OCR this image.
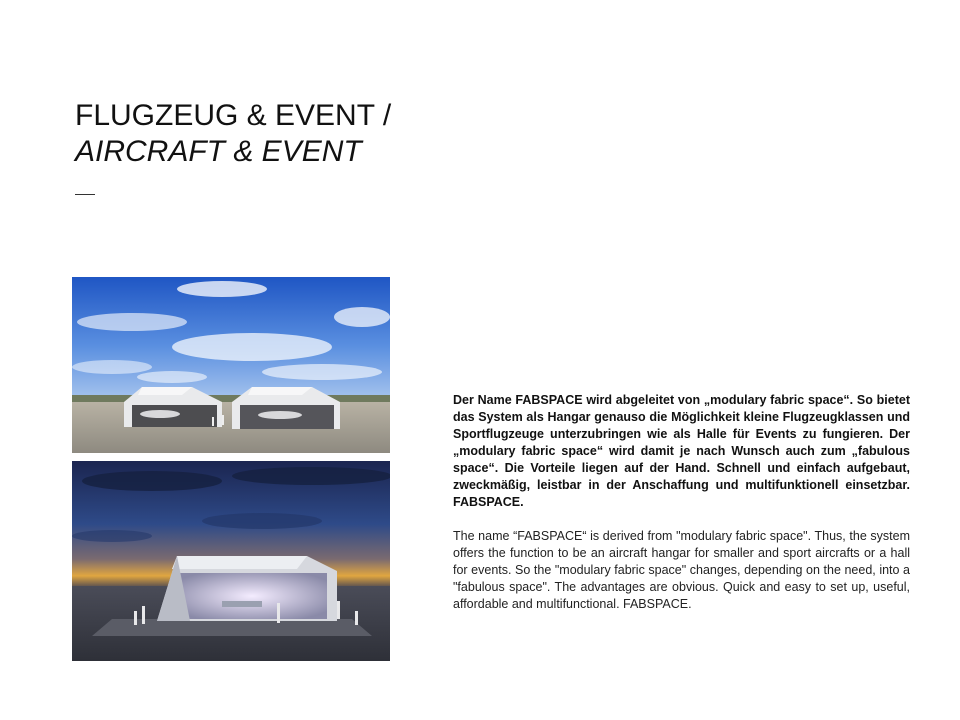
FLUGZEUG & EVENT /
AIRCRAFT & EVENT

Der Name FABSPACE wird abgeleitet von „modulary fabric space“. So bietet das System als Hangar genauso die Möglichkeit kleine Flugzeugklassen und Sportflugzeuge unterzubringen wie als Halle für Events zu fungieren. Der „modulary fabric space“ wird damit je nach Wunsch auch zum „fabulous space“. Die Vorteile liegen auf der Hand. Schnell und einfach aufgebaut, zweckmäßig, leistbar in der Anschaffung und multifunktionell einsetzbar. FABSPACE.

The name “FABSPACE“ is derived from "modulary fabric space". Thus, the system offers the function to be an aircraft hangar for smaller and sport aircrafts or a hall for events. So the "modulary fabric space" changes, depending on the need, into a "fabulous space". The advantages are obvious. Quick and easy to set up, useful, affordable and multifunctional. FABSPACE.
